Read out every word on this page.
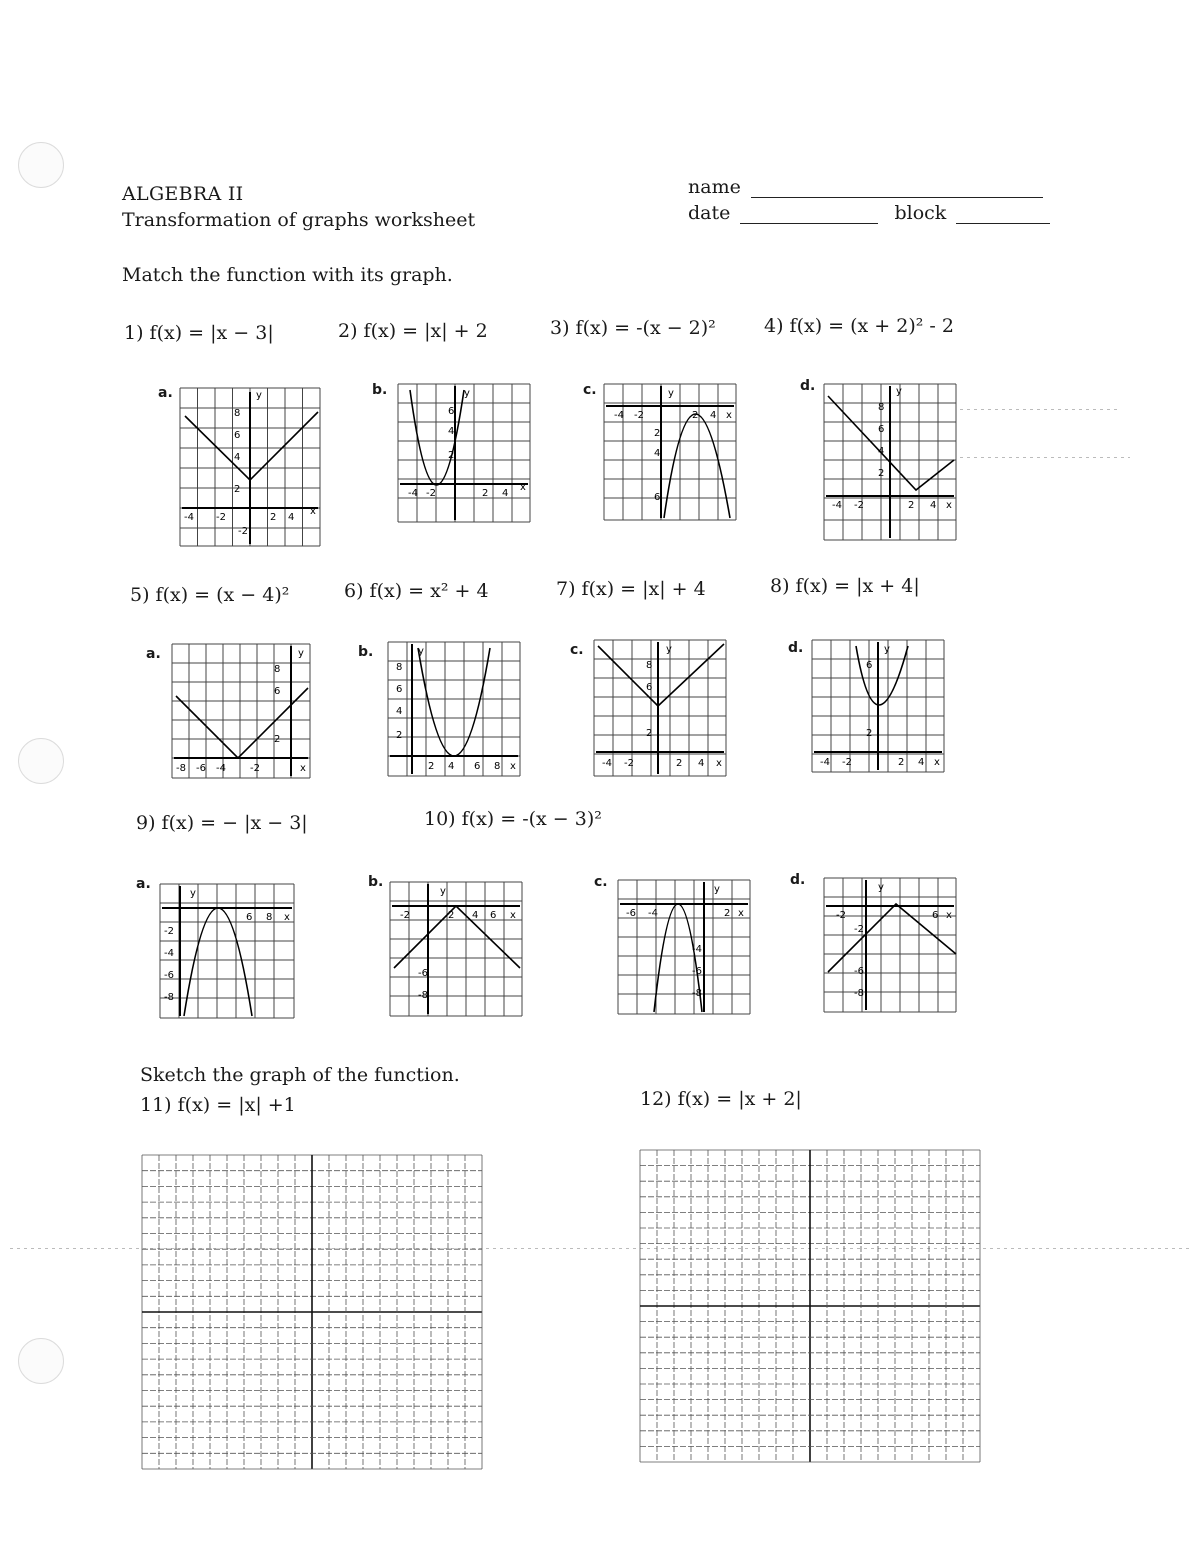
ALGEBRA II
Transformation of graphs worksheet
name
date	block
Match the function with its graph.
1) f(x) = |x − 3|	2) f(x) = |x| + 2	3) f(x) = -(x − 2)²	4) f(x) = (x + 2)² - 2
a.	b.	c.	d.
-4 -2	2 4
x
2
4
6
8
y
-2
-4 -2	2 4
x
2
4
6
y
-4 -2	2 4 x
2
4
6
y
-4 -2	2 4 x
2
4
6
8
y
5) f(x) = (x − 4)²	6) f(x) = x² + 4	7) f(x) = |x| + 4	8) f(x) = |x + 4|
a.	b.	c.	d.
-8 -6 -4 -2	x
2
6
8
y
2 4 6 8 x
2
4
6
8
y
-4 -2	2 4 x
2
6
8
y
-4 -2	2 4 x
2
6
y
9) f(x) = − |x − 3|	10) f(x) = -(x − 3)²
a.	b.	c.	d.
6 8 x
-2
-4
-6
-8
y
-2	2 4 6 x
-6
-8
y
-6 -4	2 x
-4
-6
-8
y
-2	6 x
-2
-6
-8
y
Sketch the graph of the function.
11) f(x) = |x| +1	12) f(x) = |x + 2|
